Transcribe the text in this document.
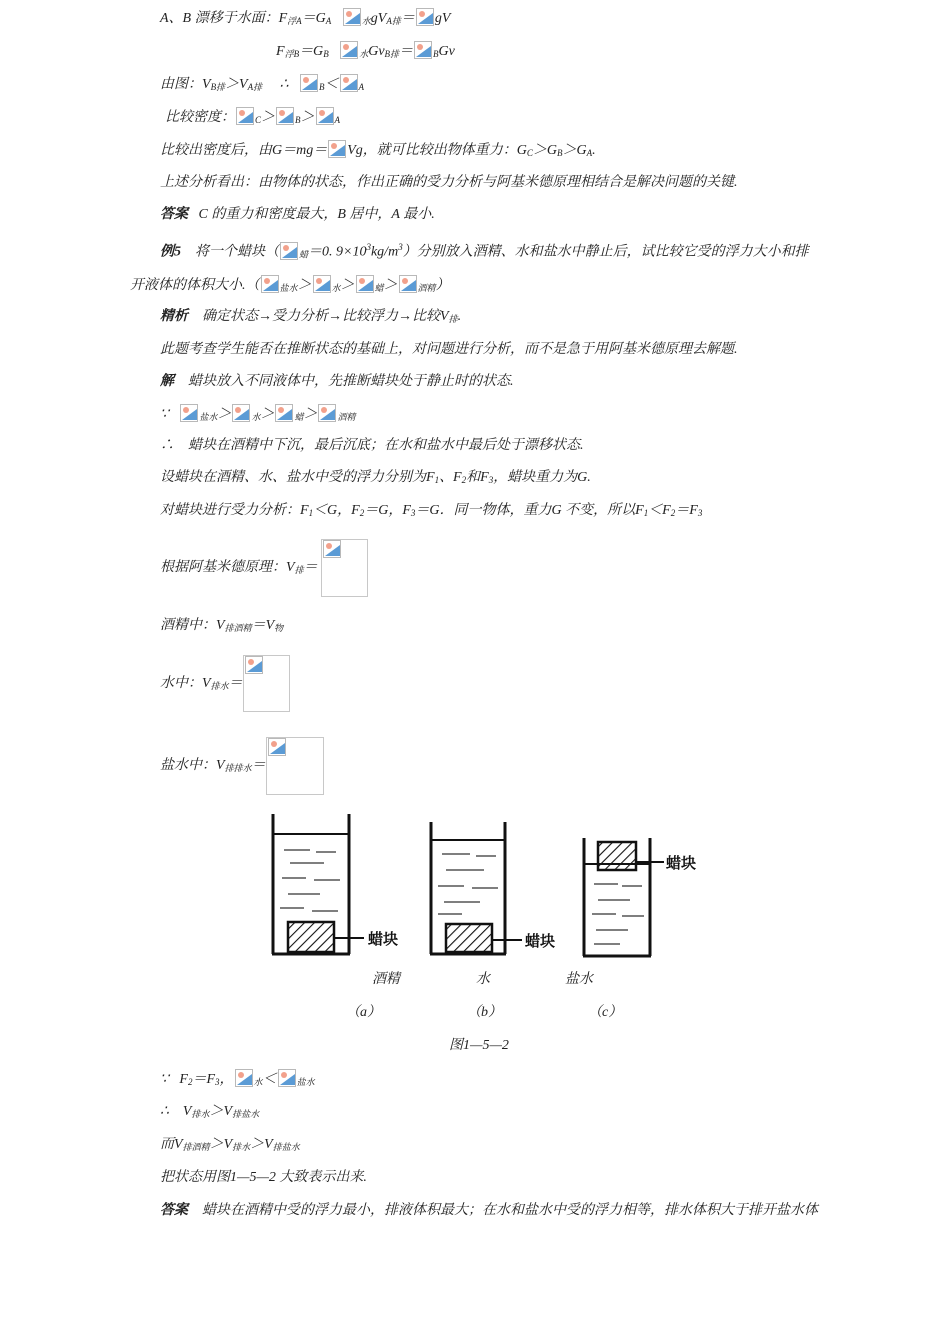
A、B 漂移于水面：$F_{浮A}=G_A$	$_水gV_{A排}=$ gV
$F_{浮B}=G_B$	$_水Gv_{B排}= _BGv$
由图：$V_{B排}>V_{A排}$ ∴	$_B$＜ $_A$
比较密度： $_C$＞ $_B$＞ $_A$
比较出密度后，由G＝mg＝ Vg，就可比较出物体重力：$G_C>G_B>G_A$.
上述分析看出：由物体的状态，作出正确的受力分析与阿基米德原理相结合是解决问题的关键.
答案 C 的重力和密度最大，B 居中，A 最小.
例5 将一个蜡块（ $_蜡$＝0. $9\times 10^3kg/m^3$）分别放入酒精、水和盐水中静止后，试比较它受的浮力大小和排
开液体的体积大小.（ $_{盐水}$＞ $_水$＞ $_蜡$＞ $_{酒精}$）
精析 确定状态→受力分析→比较浮力→比较$V_排$.
此题考查学生能否在推断状态的基础上，对问题进行分析，而不是急于用阿基米德原理去解题.
解 蜡块放入不同液体中，先推断蜡块处于静止时的状态.
∵	$_{盐水}$＞ $_水$＞ $_蜡$＞ $_{酒精}$
∴ 蜡块在酒精中下沉，最后沉底；在水和盐水中最后处于漂移状态.
设蜡块在酒精、水、盐水中受的浮力分别为$F_1$、$F_2$和$F_3$，蜡块重力为G.
对蜡块进行受力分析：$F_1<G$，$F_2=G$，$F_3=G$．同一物体，重力G 不变，所以$F_1<F_2=F_3$
根据阿基米德原理：$V_排=$
酒精中：$V_{排酒精}=V_物$
水中：$V_{排水}=$
盐水中：$V_{排排水}=$
蜡块	蜡块
蜡块
酒精	水	盐水
（a）	（b）	（c）
图1—5—2
∵ $F_2=F_3$， $_水$＜ $_{盐水}$
∴ $V_{排水}>V_{排盐水}$
而$V_{排酒精}>V_{排水}>V_{排盐水}$
把状态用图1—5—2 大致表示出来.
答案 蜡块在酒精中受的浮力最小，排液体积最大；在水和盐水中受的浮力相等，排水体积大于排开盐水体
